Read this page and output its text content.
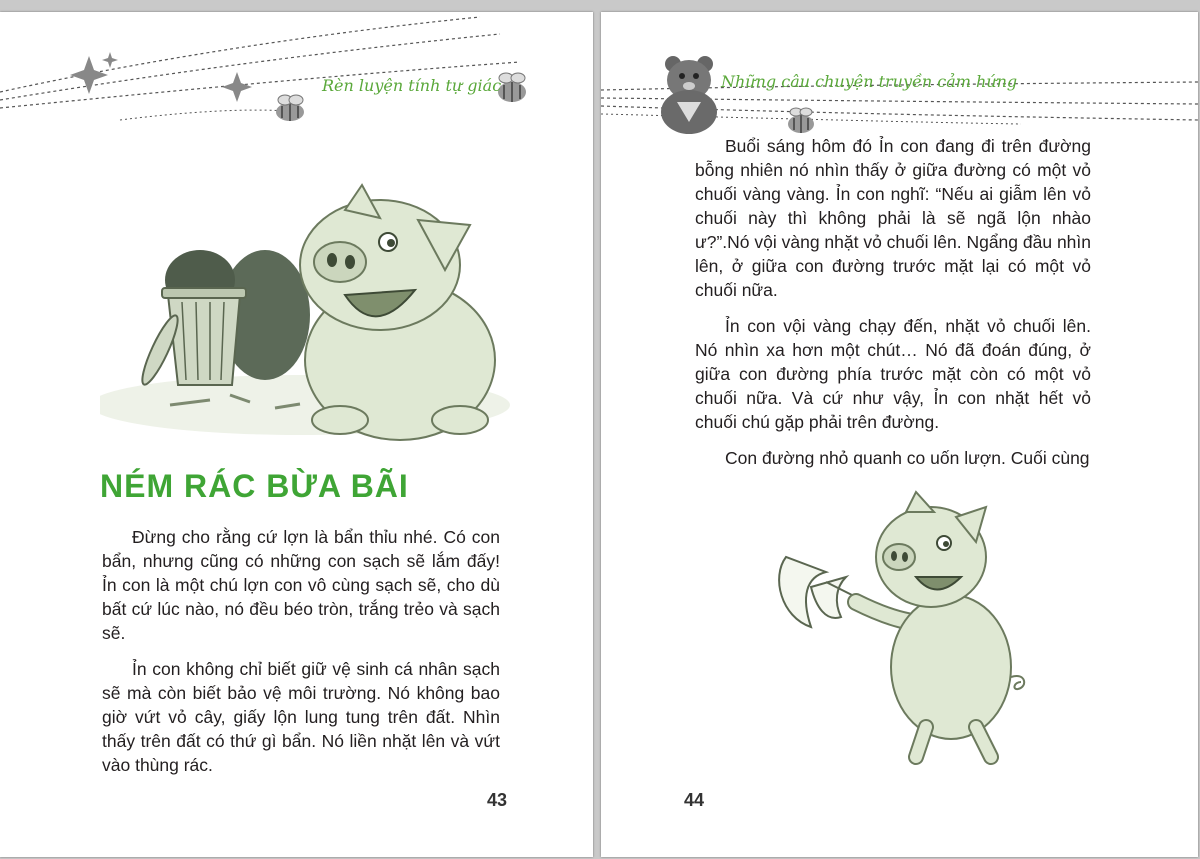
Rèn luyện tính tự giác
NÉM RÁC BỪA BÃI

Đừng cho rằng cứ lợn là bẩn thỉu nhé. Có con bẩn, nhưng cũng có những con sạch sẽ lắm đấy! Ỉn con là một chú lợn con vô cùng sạch sẽ, cho dù bất cứ lúc nào, nó đều béo tròn, trắng trẻo và sạch sẽ.

Ỉn con không chỉ biết giữ vệ sinh cá nhân sạch sẽ mà còn biết bảo vệ môi trường. Nó không bao giờ vứt vỏ cây, giấy lộn lung tung trên đất. Nhìn thấy trên đất có thứ gì bẩn. Nó liền nhặt lên và vứt vào thùng rác.

43
Những câu chuyện truyền cảm hứng

Buổi sáng hôm đó Ỉn con đang đi trên đường bỗng nhiên nó nhìn thấy ở giữa đường có một vỏ chuối vàng vàng. Ỉn con nghĩ: “Nếu ai giẫm lên vỏ chuối này thì không phải là sẽ ngã lộn nhào ư?”.Nó vội vàng nhặt vỏ chuối lên. Ngẩng đầu nhìn lên, ở giữa con đường trước mặt lại có một vỏ chuối nữa.

Ỉn con vội vàng chạy đến, nhặt vỏ chuối lên. Nó nhìn xa hơn một chút… Nó đã đoán đúng, ở giữa con đường phía trước mặt còn có một vỏ chuối nữa. Và cứ như vậy, Ỉn con nhặt hết vỏ chuối chú gặp phải trên đường.

Con đường nhỏ quanh co uốn lượn. Cuối cùng

44
